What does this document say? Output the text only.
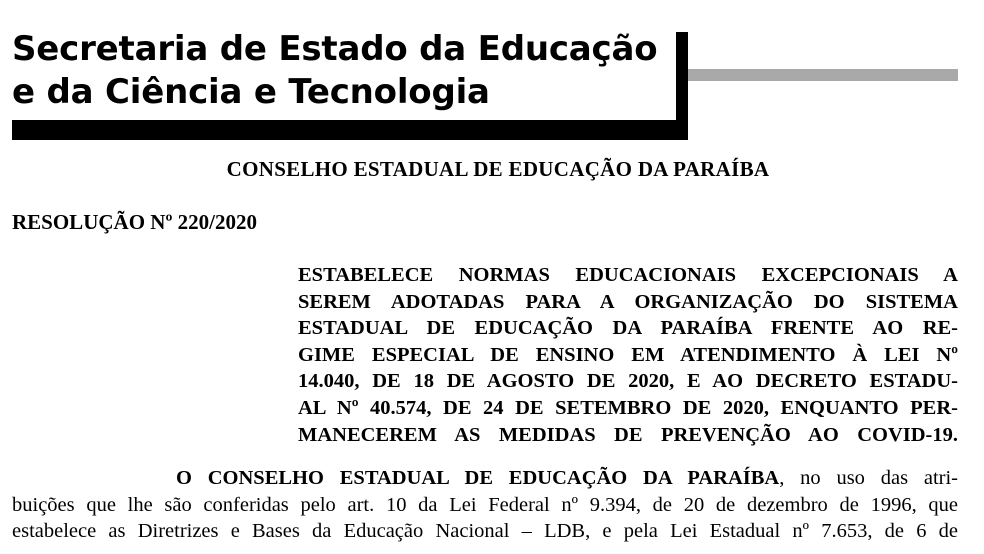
Secretaria de Estado da Educação
e da Ciência e Tecnologia
CONSELHO ESTADUAL DE EDUCAÇÃO DA PARAÍBA

RESOLUÇÃO Nº 220/2020

ESTABELECE NORMAS EDUCACIONAIS EXCEPCIONAIS A
SEREM ADOTADAS PARA A ORGANIZAÇÃO DO SISTEMA
ESTADUAL DE EDUCAÇÃO DA PARAÍBA FRENTE AO RE-
GIME ESPECIAL DE ENSINO EM ATENDIMENTO À LEI Nº
14.040, DE 18 DE AGOSTO DE 2020, E AO DECRETO ESTADU-
AL Nº 40.574, DE 24 DE SETEMBRO DE 2020, ENQUANTO PER-
MANECEREM AS MEDIDAS DE PREVENÇÃO AO COVID-19.

O CONSELHO ESTADUAL DE EDUCAÇÃO DA PARAÍBA, no uso das atri-
buições que lhe são conferidas pelo art. 10 da Lei Federal nº 9.394, de 20 de dezembro de 1996, que
estabelece as Diretrizes e Bases da Educação Nacional – LDB, e pela Lei Estadual nº 7.653, de 6 de
